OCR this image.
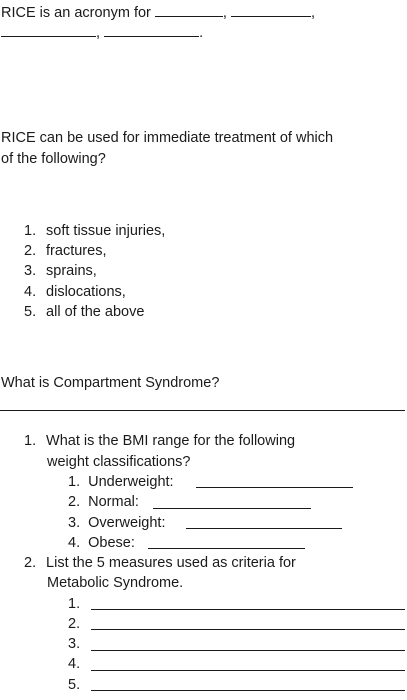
RICE is an acronym for	,	,
,	.
RICE can be used for immediate treatment of which
of the following?
1. soft tissue injuries,
2. fractures,
3. sprains,
4. dislocations,
5. all of the above
What is Compartment Syndrome?
1. What is the BMI range for the following
weight classifications?
1. Underweight:
2. Normal:
3. Overweight:
4. Obese:
2. List the 5 measures used as criteria for
Metabolic Syndrome.
1.
2.
3.
4.
5.
